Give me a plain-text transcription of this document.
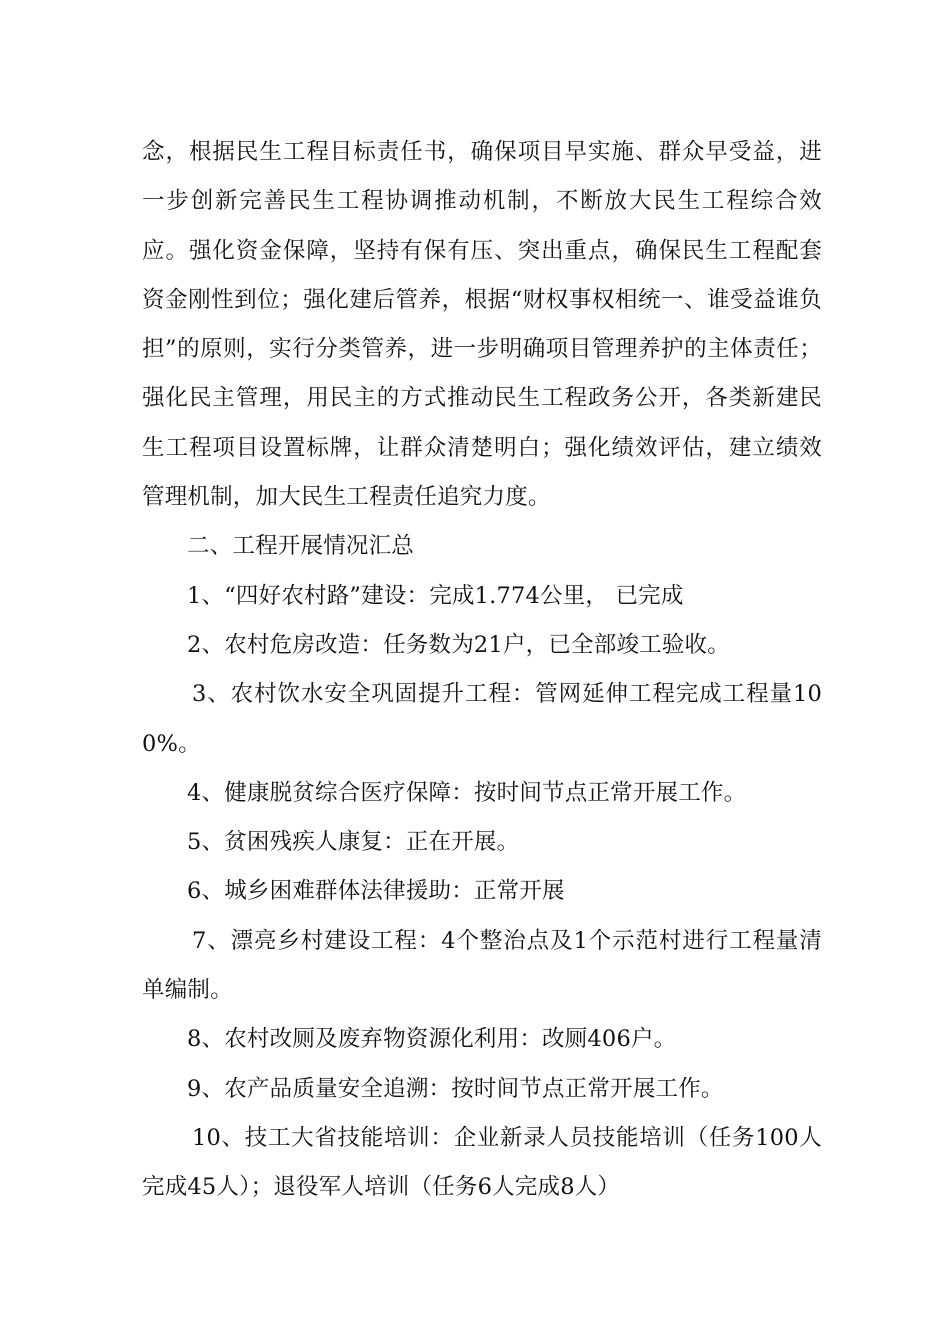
念，根据民生工程目标责任书，确保项目早实施、群众早受益，进一步创新完善民生工程协调推动机制，不断放大民生工程综合效应。强化资金保障，坚持有保有压、突出重点，确保民生工程配套资金刚性到位；强化建后管养，根据“财权事权相统一、谁受益谁负担”的原则，实行分类管养，进一步明确项目管理养护的主体责任；强化民主管理，用民主的方式推动民生工程政务公开，各类新建民生工程项目设置标牌，让群众清楚明白；强化绩效评估，建立绩效管理机制，加大民生工程责任追究力度。

二、工程开展情况汇总

1、“四好农村路”建设：完成1.774公里， 已完成

2、农村危房改造：任务数为21户，已全部竣工验收。

3、农村饮水安全巩固提升工程：管网延伸工程完成工程量100%。

4、健康脱贫综合医疗保障：按时间节点正常开展工作。

5、贫困残疾人康复：正在开展。

6、城乡困难群体法律援助：正常开展

7、漂亮乡村建设工程：4个整治点及1个示范村进行工程量清单编制。

8、农村改厕及废弃物资源化利用：改厕406户。

9、农产品质量安全追溯：按时间节点正常开展工作。

10、技工大省技能培训：企业新录人员技能培训（任务100人完成45人）；退役军人培训（任务6人完成8人）
